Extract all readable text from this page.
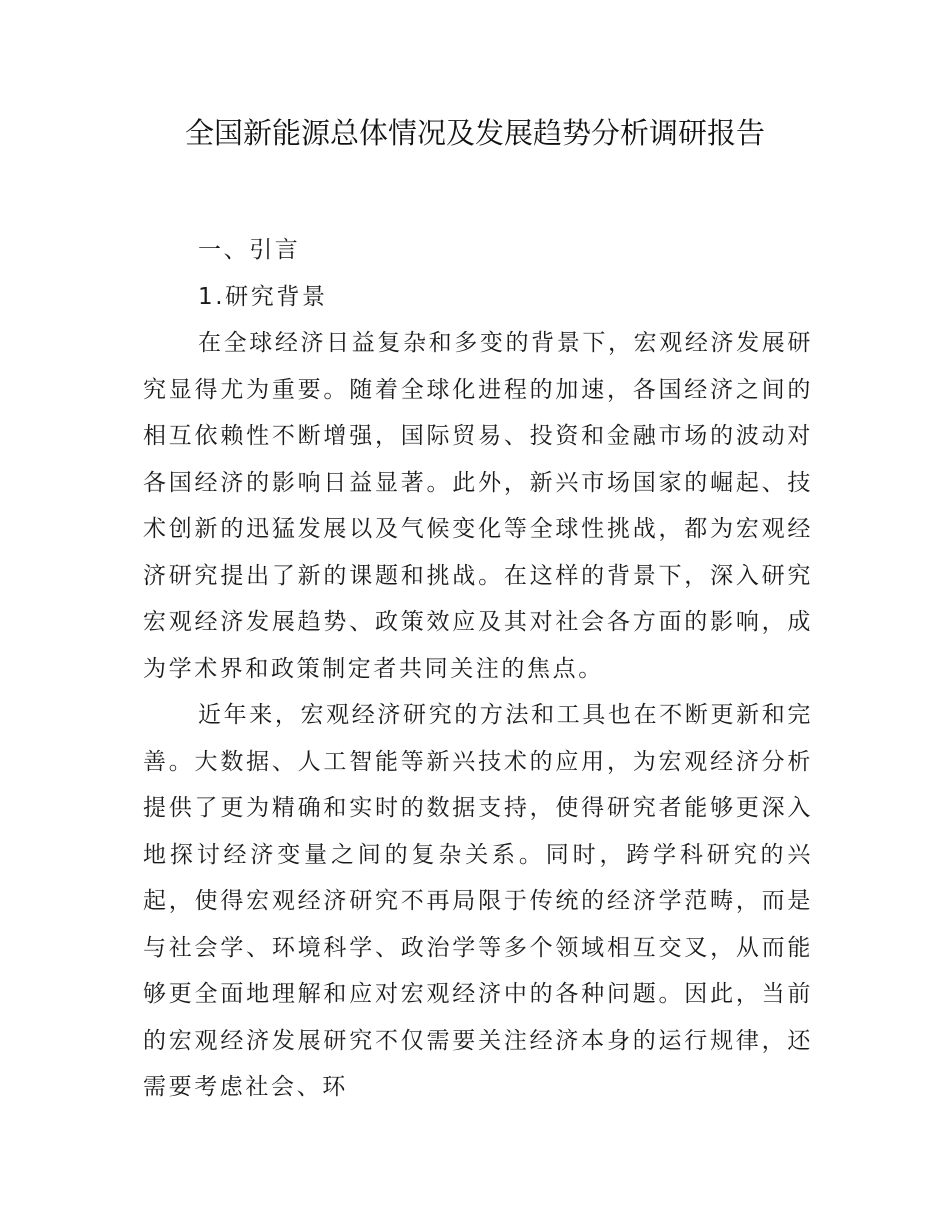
全国新能源总体情况及发展趋势分析调研报告

一、引言

1.研究背景

在全球经济日益复杂和多变的背景下，宏观经济发展研究显得尤为重要。随着全球化进程的加速，各国经济之间的相互依赖性不断增强，国际贸易、投资和金融市场的波动对各国经济的影响日益显著。此外，新兴市场国家的崛起、技术创新的迅猛发展以及气候变化等全球性挑战，都为宏观经济研究提出了新的课题和挑战。在这样的背景下，深入研究宏观经济发展趋势、政策效应及其对社会各方面的影响，成为学术界和政策制定者共同关注的焦点。

近年来，宏观经济研究的方法和工具也在不断更新和完善。大数据、人工智能等新兴技术的应用，为宏观经济分析提供了更为精确和实时的数据支持，使得研究者能够更深入地探讨经济变量之间的复杂关系。同时，跨学科研究的兴起，使得宏观经济研究不再局限于传统的经济学范畴，而是与社会学、环境科学、政治学等多个领域相互交叉，从而能够更全面地理解和应对宏观经济中的各种问题。因此，当前的宏观经济发展研究不仅需要关注经济本身的运行规律，还需要考虑社会、环
